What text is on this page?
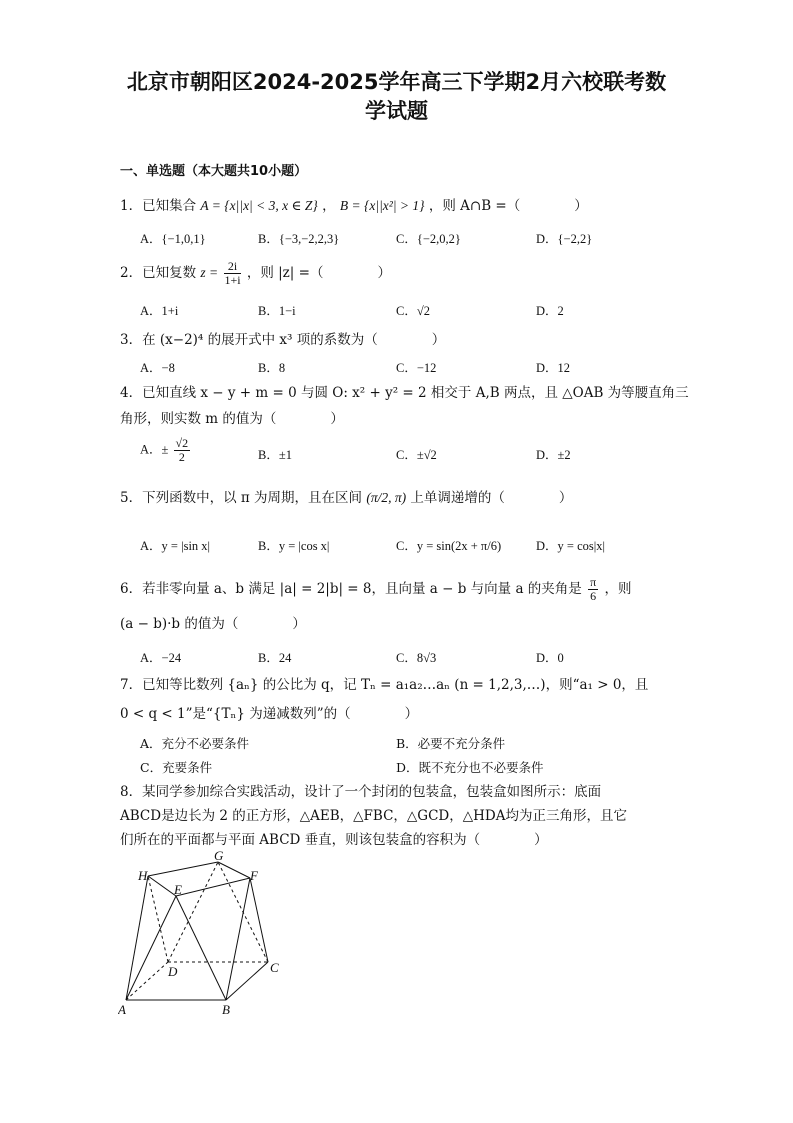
北京市朝阳区2024-2025学年高三下学期2月六校联考数
学试题
一、单选题（本大题共10小题）
1．已知集合 A = {x||x| < 3, x ∈ Z} ， B = {x||x²| > 1} ，则 A∩B =（　　　　）
A．{−1,0,1}	B．{−3,−2,2,3}	C．{−2,0,2}	D．{−2,2}
2．已知复数 $z = \frac{2i}{1+i}$ ，则 |z| =（　　　　）
A．1+i	B．1−i	C．√2	D．2
3．在 (x−2)⁴ 的展开式中 x³ 项的系数为（　　　　）
A．−8	B．8	C．−12	D．12
4．已知直线 x − y + m = 0 与圆 O: x² + y² = 2 相交于 A,B 两点，且 △OAB 为等腰直角三
角形，则实数 m 的值为（　　　　）
A．± $\frac{√2}{2}$	B．±1	C．±√2	D．±2
5．下列函数中，以 π 为周期，且在区间 (π/2, π) 上单调递增的（　　　　）
A．y = |sin x|	B．y = |cos x|	C．y = sin(2x + π/6)	D．y = cos|x|
6．若非零向量 a、b 满足 |a| = 2|b| = 8，且向量 a − b 与向量 a 的夹角是 $\frac{\pi}{6}$ ，则
(a − b)·b 的值为（　　　　）
A．−24	B．24	C．8√3	D．0
7．已知等比数列 {aₙ} 的公比为 q，记 Tₙ = a₁a₂…aₙ (n = 1,2,3,…)，则“a₁ > 0，且
0 < q < 1”是“{Tₙ} 为递减数列”的（　　　　）
A．充分不必要条件	B．必要不充分条件
C．充要条件	D．既不充分也不必要条件
8．某同学参加综合实践活动，设计了一个封闭的包装盒，包装盒如图所示：底面
ABCD是边长为 2 的正方形，△AEB，△FBC，△GCD，△HDA均为正三角形，且它
们所在的平面都与平面 ABCD 垂直，则该包装盒的容积为（　　　　）
A	B
C
D
E
F
G
H
